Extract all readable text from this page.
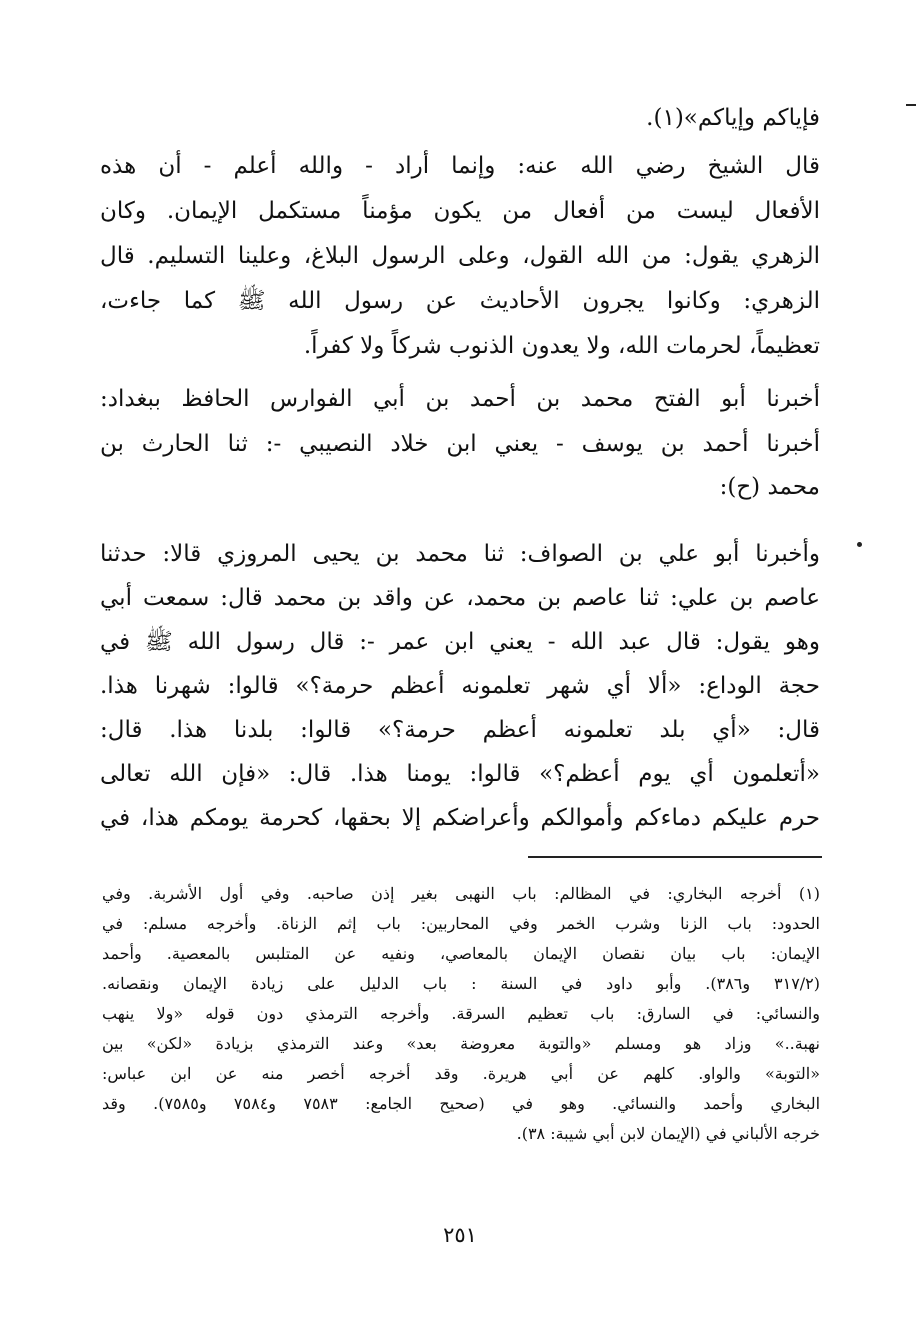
فإياكم وإياكم»(١).
قال الشيخ رضي الله عنه: وإنما أراد - والله أعلم - أن هذه
الأفعال ليست من أفعال من يكون مؤمناً مستكمل الإيمان. وكان
الزهري يقول: من الله القول، وعلى الرسول البلاغ، وعلينا التسليم. قال
الزهري: وكانوا يجرون الأحاديث عن رسول الله ﷺ كما جاءت،
تعظيماً، لحرمات الله، ولا يعدون الذنوب شركاً ولا كفراً.
أخبرنا أبو الفتح محمد بن أحمد بن أبي الفوارس الحافظ ببغداد:
أخبرنا أحمد بن يوسف - يعني ابن خلاد النصيبي -: ثنا الحارث بن
محمد (ح):
وأخبرنا أبو علي بن الصواف: ثنا محمد بن يحيى المروزي قالا: حدثنا
عاصم بن علي: ثنا عاصم بن محمد، عن واقد بن محمد قال: سمعت أبي
وهو يقول: قال عبد الله - يعني ابن عمر -: قال رسول الله ﷺ في
حجة الوداع: «ألا أي شهر تعلمونه أعظم حرمة؟» قالوا: شهرنا هذا.
قال: «أي بلد تعلمونه أعظم حرمة؟» قالوا: بلدنا هذا. قال:
«أتعلمون أي يوم أعظم؟» قالوا: يومنا هذا. قال: «فإن الله تعالى
حرم عليكم دماءكم وأموالكم وأعراضكم إلا بحقها، كحرمة يومكم هذا، في
(١) أخرجه البخاري: في المظالم: باب النهبى بغير إذن صاحبه. وفي أول الأشربة. وفي
الحدود: باب الزنا وشرب الخمر وفي المحاربين: باب إثم الزناة. وأخرجه مسلم: في
الإيمان: باب بيان نقصان الإيمان بالمعاصي، ونفيه عن المتلبس بالمعصية. وأحمد
(٣١٧/٢ و٣٨٦). وأبو داود في السنة : باب الدليل على زيادة الإيمان ونقصانه.
والنسائي: في السارق: باب تعظيم السرقة. وأخرجه الترمذي دون قوله «ولا ينهب
نهبة..» وزاد هو ومسلم «والتوبة معروضة بعد» وعند الترمذي بزيادة «لكن» بين
«التوبة» والواو. كلهم عن أبي هريرة. وقد أخرجه أخصر منه عن ابن عباس:
البخاري وأحمد والنسائي. وهو في (صحيح الجامع: ٧٥٨٣ و٧٥٨٤ و٧٥٨٥). وقد
خرجه الألباني في (الإيمان لابن أبي شيبة: ٣٨).
٢٥١
